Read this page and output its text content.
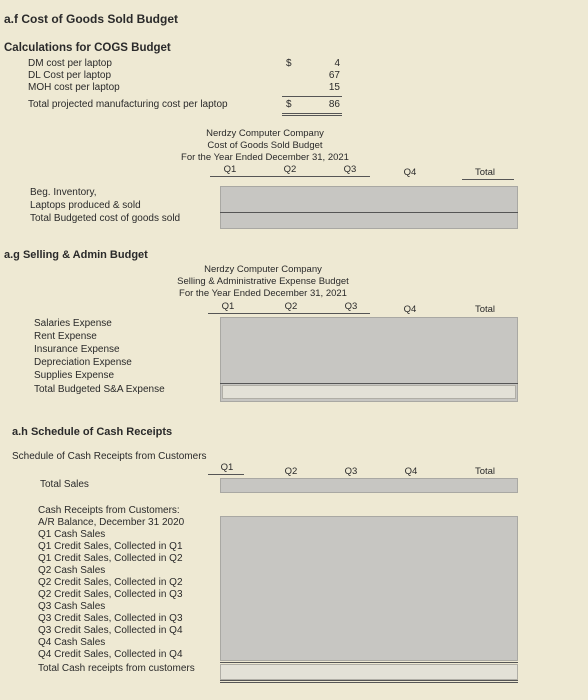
a.f Cost of Goods Sold Budget
Calculations for COGS Budget
DM cost per laptop	$	4
DL Cost per laptop	67
MOH cost per laptop	15
Total projected manufacturing cost per laptop	$	86
Nerdzy Computer Company
Cost of Goods Sold Budget
For the Year Ended December 31, 2021
Q1	Q2	Q3	Q4	Total
Beg. Inventory,
Laptops produced & sold
Total Budgeted cost of goods sold
a.g Selling & Admin Budget
Nerdzy Computer Company
Selling & Administrative Expense Budget
For the Year Ended December 31, 2021
Q1	Q2	Q3	Q4	Total
Salaries Expense
Rent Expense
Insurance Expense
Depreciation Expense
Supplies Expense
Total Budgeted S&A Expense
a.h Schedule of Cash Receipts
Schedule of Cash Receipts from Customers
Q1	Q2	Q3	Q4	Total
Total Sales
Cash Receipts from Customers:
A/R Balance, December 31 2020
Q1 Cash Sales
Q1 Credit Sales, Collected in Q1
Q1 Credit Sales, Collected in Q2
Q2 Cash Sales
Q2 Credit Sales, Collected in Q2
Q2 Credit Sales, Collected in Q3
Q3 Cash Sales
Q3 Credit Sales, Collected in Q3
Q3 Credit Sales, Collected in Q4
Q4 Cash Sales
Q4 Credit Sales, Collected in Q4
Total Cash receipts from customers
